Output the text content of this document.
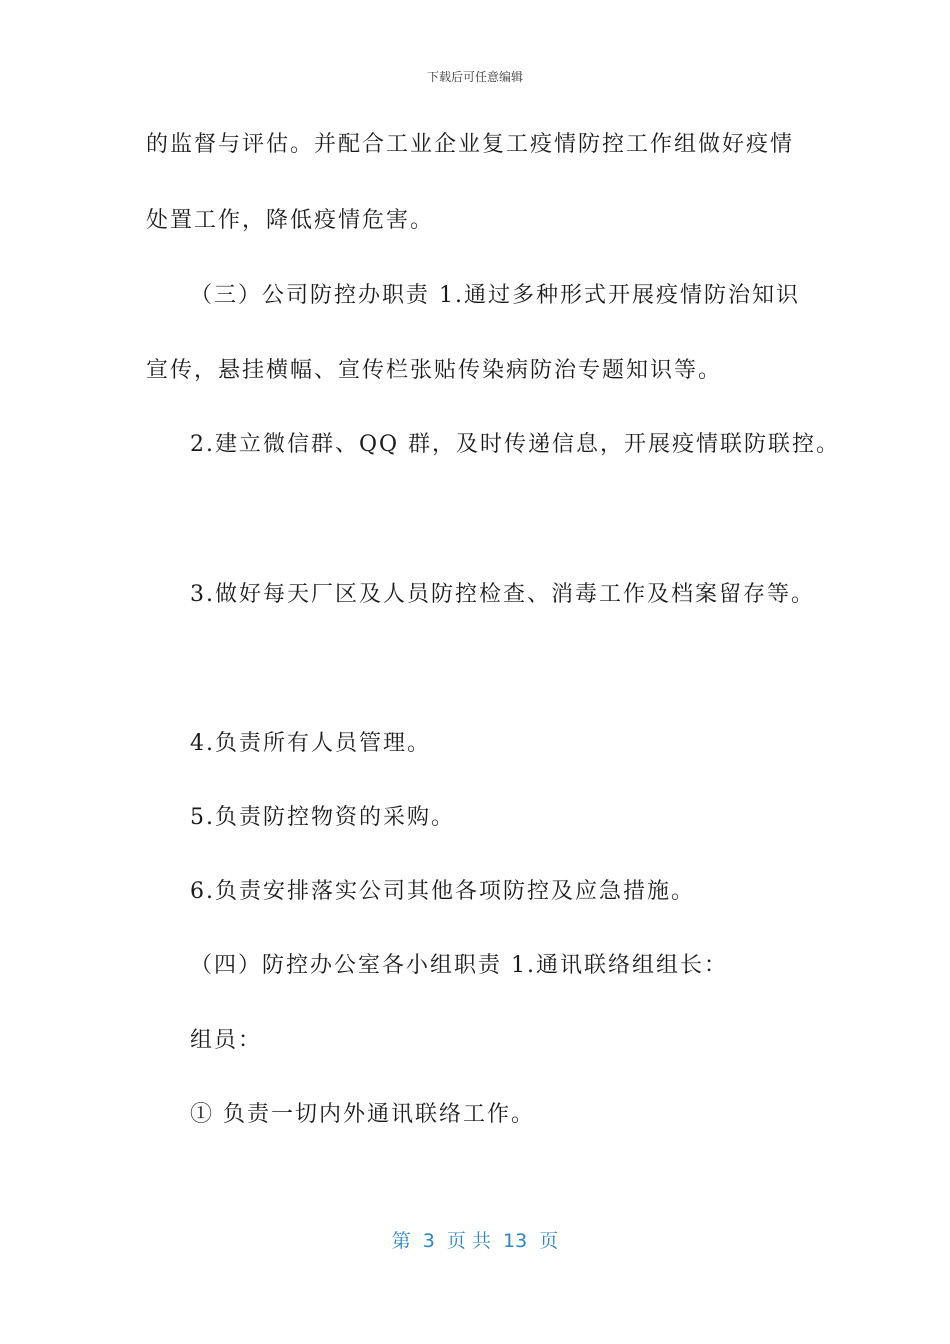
下载后可任意编辑
的监督与评估。并配合工业企业复工疫情防控工作组做好疫情
处置工作，降低疫情危害。
（三）公司防控办职责 1.通过多种形式开展疫情防治知识
宣传，悬挂横幅、宣传栏张贴传染病防治专题知识等。
2.建立微信群、QQ 群，及时传递信息，开展疫情联防联控。
3.做好每天厂区及人员防控检查、消毒工作及档案留存等。
4.负责所有人员管理。
5.负责防控物资的采购。
6.负责安排落实公司其他各项防控及应急措施。
（四）防控办公室各小组职责 1.通讯联络组组长：
组员：
① 负责一切内外通讯联络工作。
第  3  页 共  13  页
